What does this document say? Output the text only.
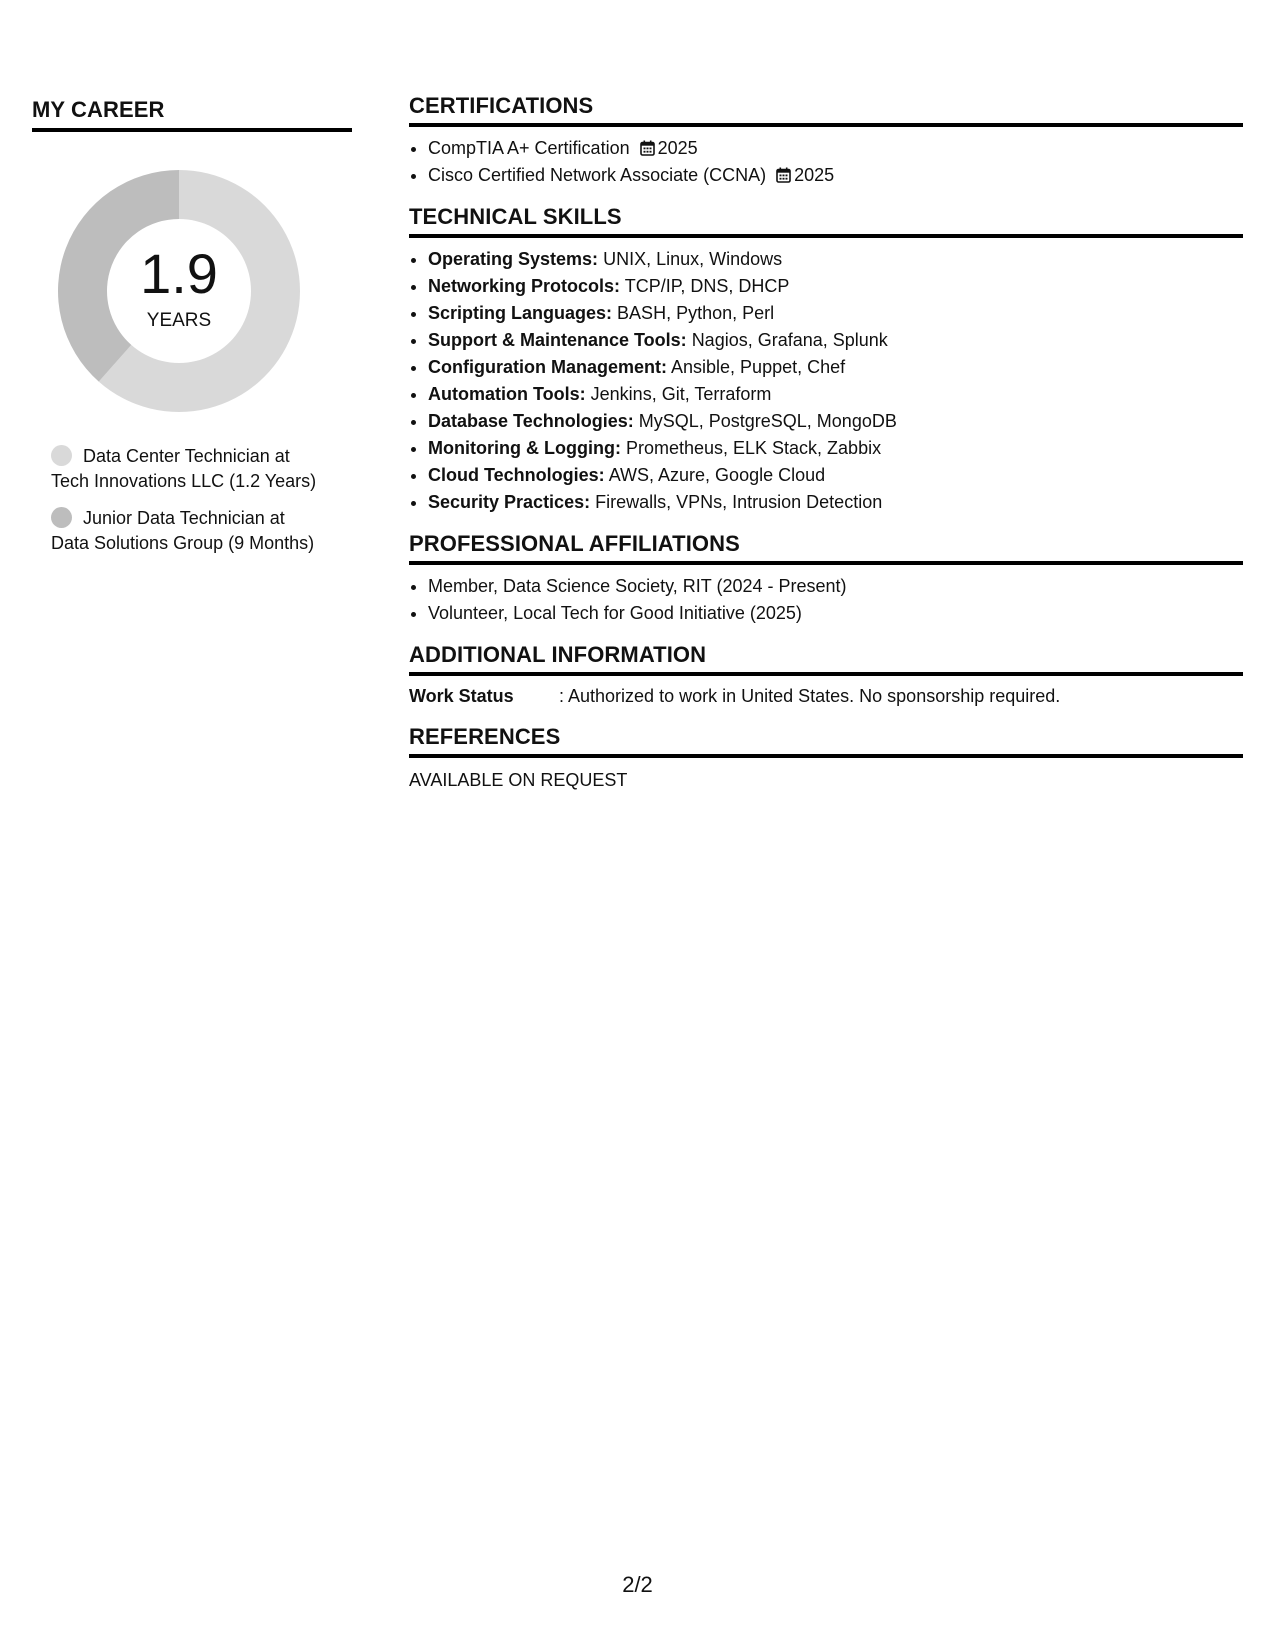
MY CAREER
1.9
YEARS
Data Center Technician at
Tech Innovations LLC (1.2 Years)
Junior Data Technician at
Data Solutions Group (9 Months)
CERTIFICATIONS
• CompTIA A+ Certification 2025
• Cisco Certified Network Associate (CCNA) 2025
TECHNICAL SKILLS
• Operating Systems: UNIX, Linux, Windows
• Networking Protocols: TCP/IP, DNS, DHCP
• Scripting Languages: BASH, Python, Perl
• Support & Maintenance Tools: Nagios, Grafana, Splunk
• Configuration Management: Ansible, Puppet, Chef
• Automation Tools: Jenkins, Git, Terraform
• Database Technologies: MySQL, PostgreSQL, MongoDB
• Monitoring & Logging: Prometheus, ELK Stack, Zabbix
• Cloud Technologies: AWS, Azure, Google Cloud
• Security Practices: Firewalls, VPNs, Intrusion Detection
PROFESSIONAL AFFILIATIONS
• Member, Data Science Society, RIT (2024 - Present)
• Volunteer, Local Tech for Good Initiative (2025)
ADDITIONAL INFORMATION
Work Status	: Authorized to work in United States. No sponsorship required.
REFERENCES
AVAILABLE ON REQUEST
2/2
